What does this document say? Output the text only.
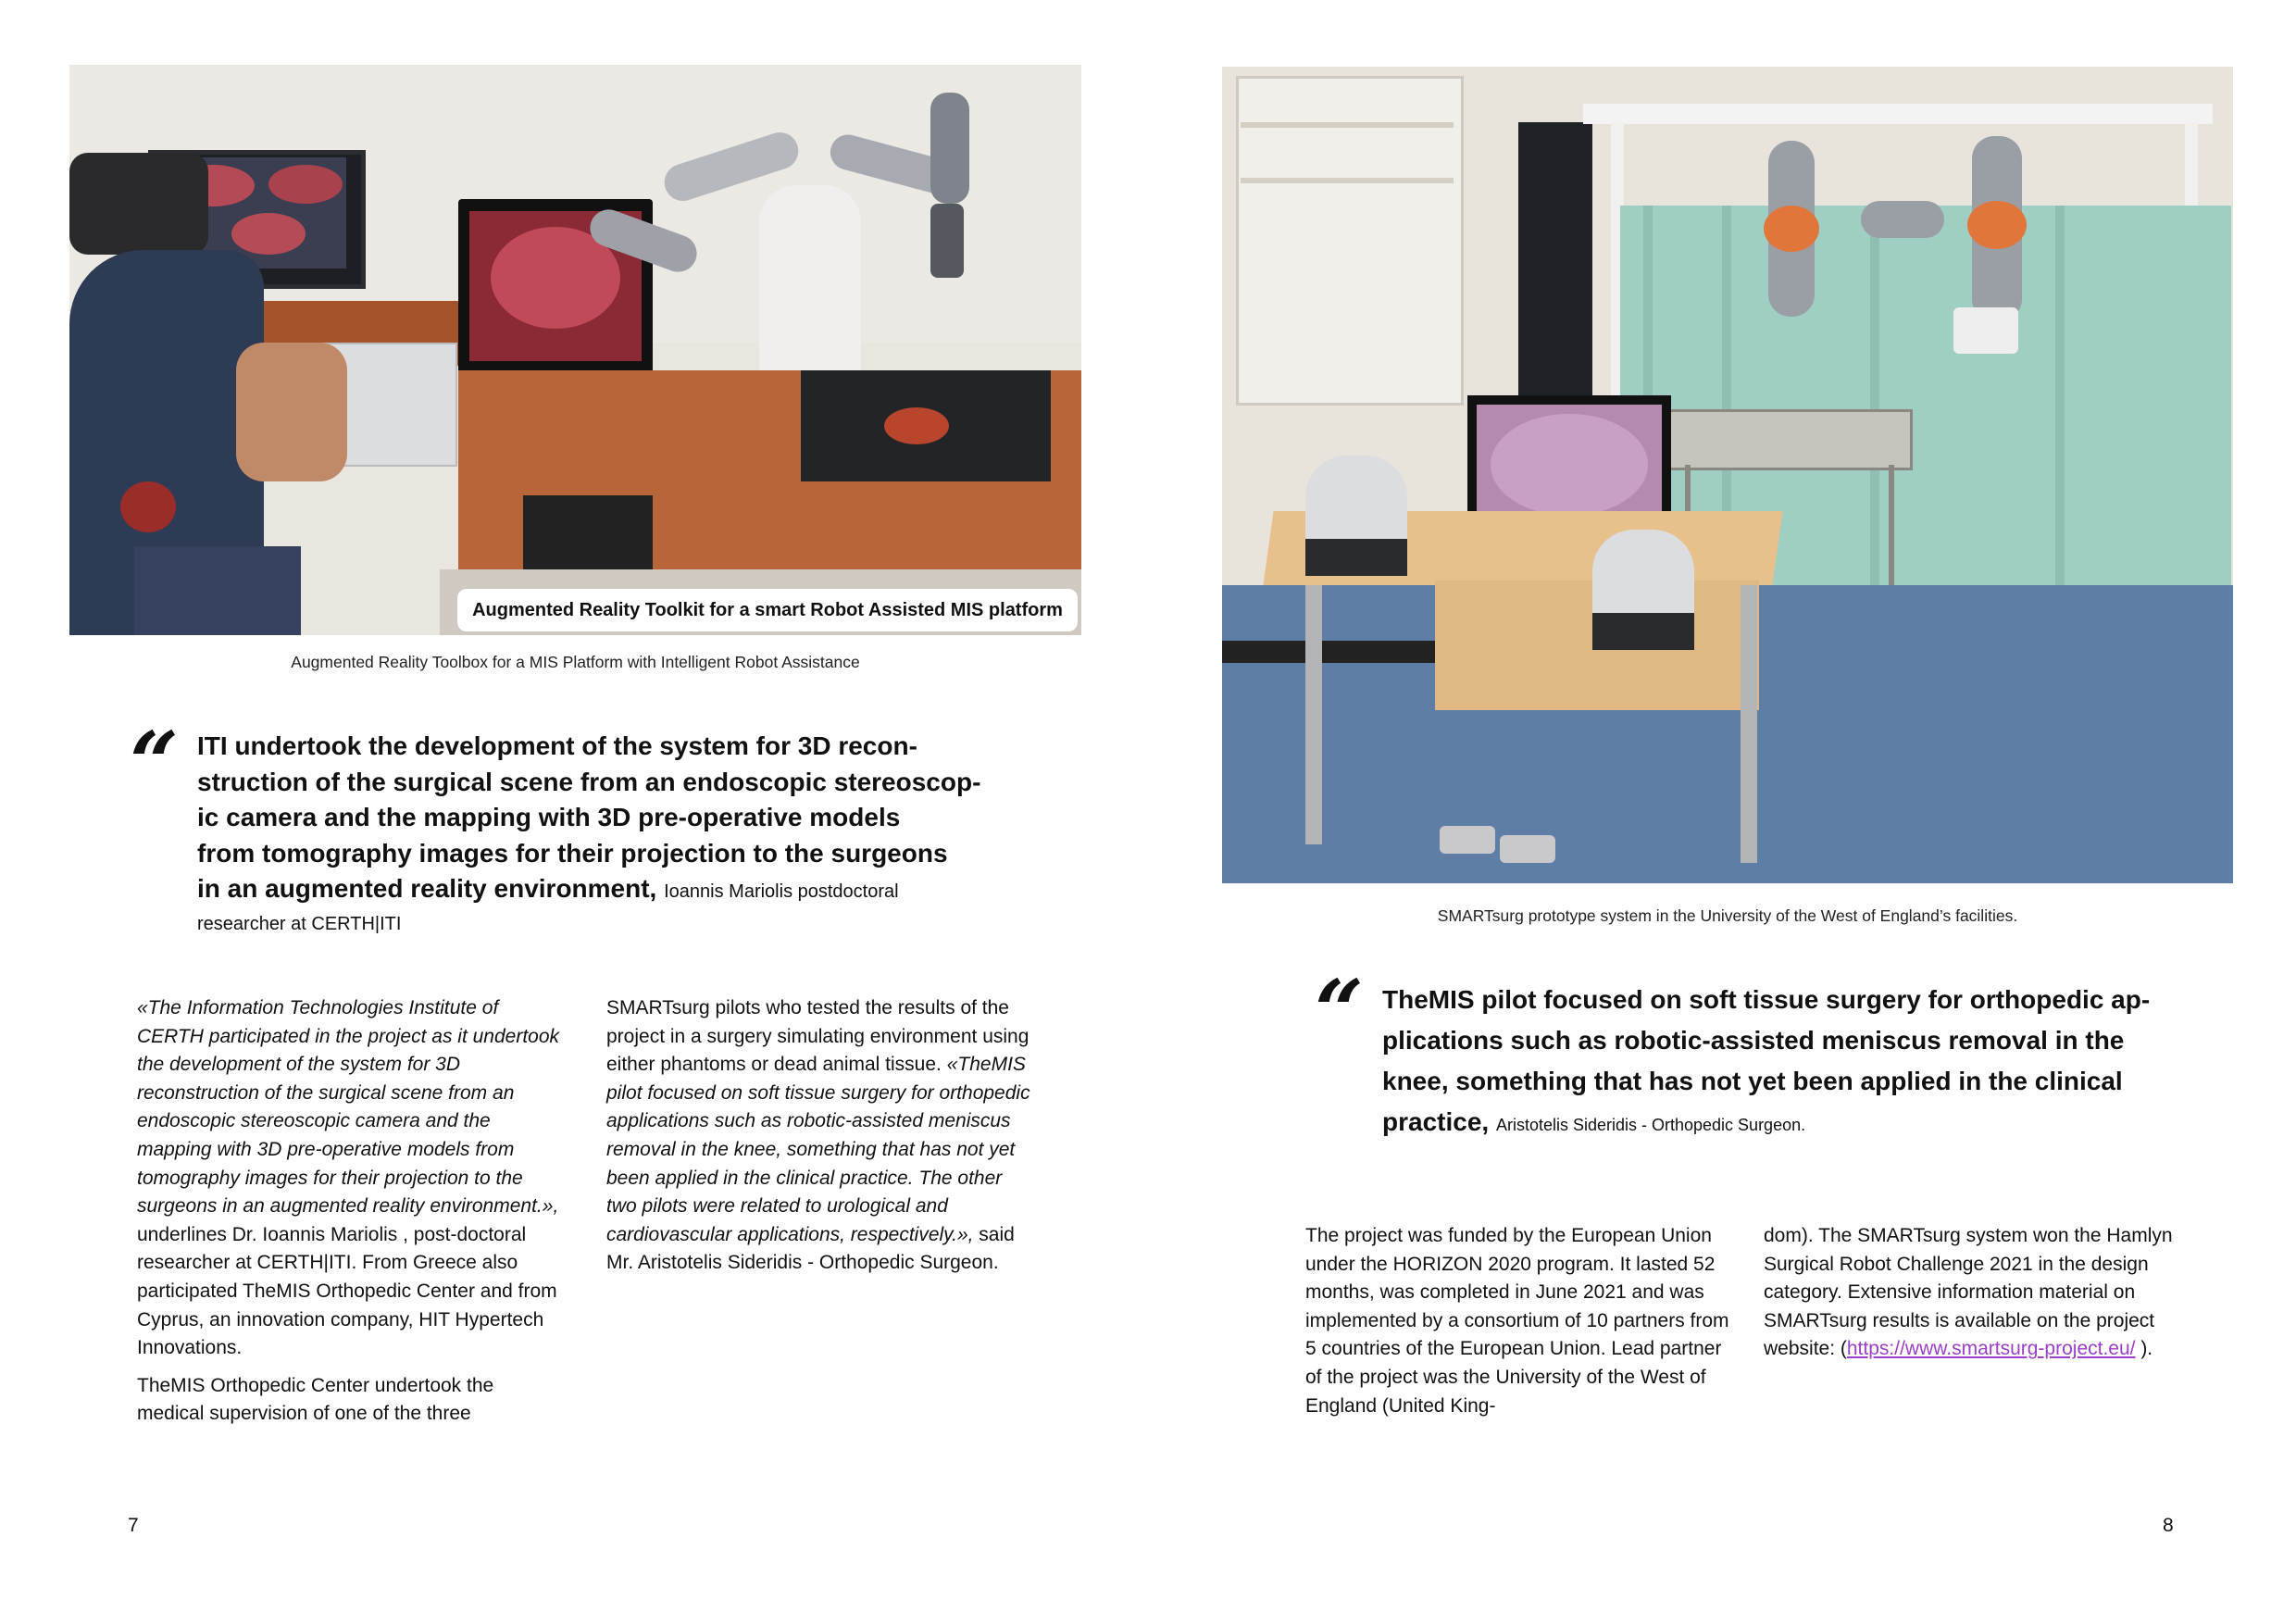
Augmented Reality Toolkit for a smart Robot Assisted MIS platform
Augmented Reality Toolbox for a MIS Platform with Intelligent Robot Assistance
“ ITI undertook the development of the system for 3D recon-
struction of the surgical scene from an endoscopic stereoscop-
ic camera and the mapping with 3D pre-operative models
from tomography images for their projection to the surgeons
in an augmented reality environment, Ioannis Mariolis postdoctoral
researcher at CERTH|ITI

«The Information Technologies Institute of CERTH participated in the project as it undertook the development of the system for 3D reconstruction of the surgical scene from an endoscopic stereoscopic camera and the mapping with 3D pre-operative models from tomography images for their projection to the surgeons in an augmented reality environment.», underlines Dr. Ioannis Mariolis , post-doctoral researcher at CERTH|ITI. From Greece also participated TheMIS Orthopedic Center and from Cyprus, an innovation company, HIT Hypertech Innovations.

TheMIS Orthopedic Center undertook the medical supervision of one of the three

SMARTsurg pilots who tested the results of the project in a surgery simulating environment using either phantoms or dead animal tissue. «TheMIS pilot focused on soft tissue surgery for orthopedic applications such as robotic-assisted meniscus removal in the knee, something that has not yet been applied in the clinical practice. The other two pilots were related to urological and cardiovascular applications, respectively.», said Mr. Aristotelis Sideridis - Orthopedic Surgeon.

7
SMARTsurg prototype system in the University of the West of England’s facilities.
“ TheMIS pilot focused on soft tissue surgery for orthopedic ap-
plications such as robotic-assisted meniscus removal in the
knee, something that has not yet been applied in the clinical
practice, Aristotelis Sideridis - Orthopedic Surgeon.

The project was funded by the European Union under the HORIZON 2020 program. It lasted 52 months, was completed in June 2021 and was implemented by a consortium of 10 partners from 5 countries of the European Union. Lead partner of the project was the University of the West of England (United King-

dom). The SMARTsurg system won the Hamlyn Surgical Robot Challenge 2021 in the design category. Extensive information material on SMARTsurg results is available on the project website: (https://www.smartsurg-project.eu/ ).

8
